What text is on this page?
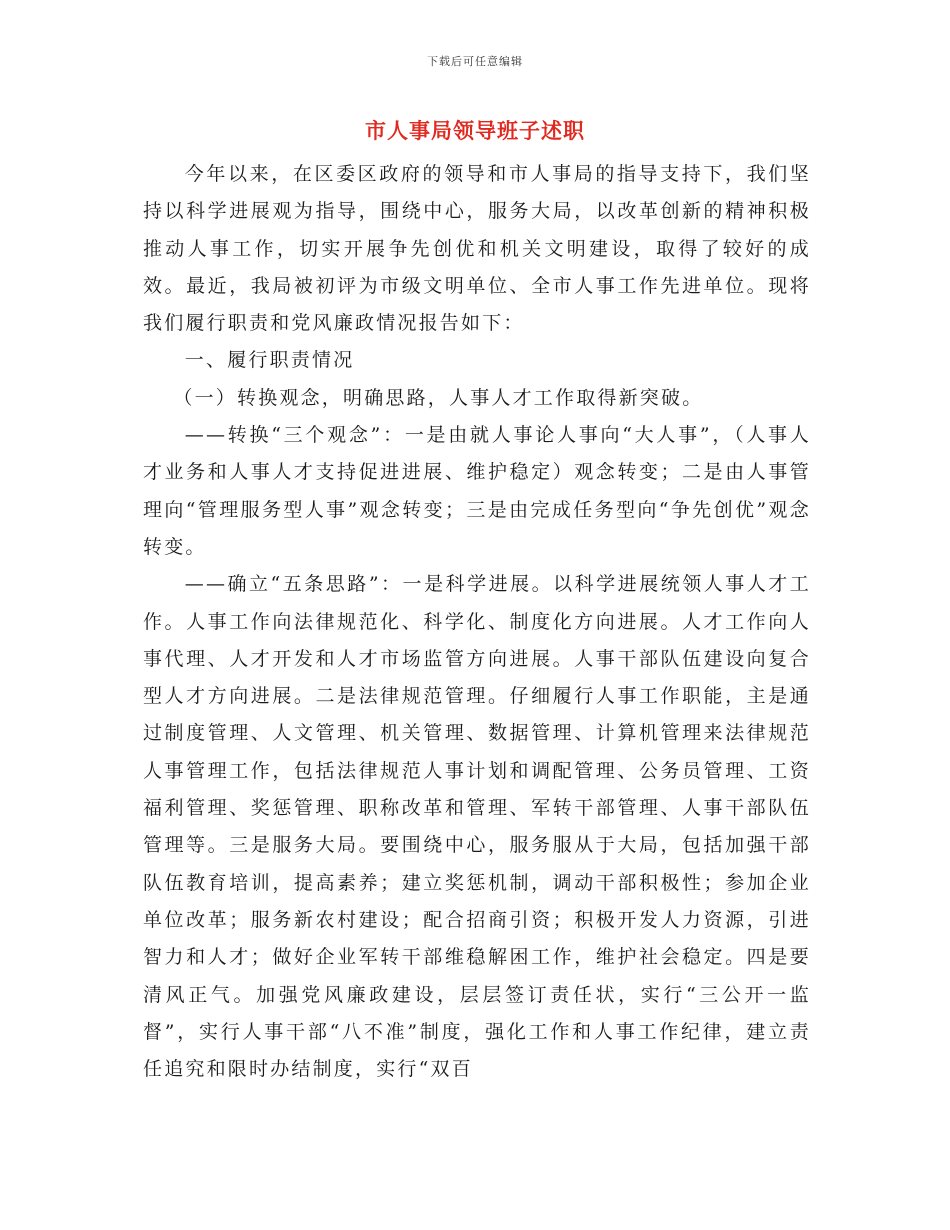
下载后可任意编辑
市人事局领导班子述职

今年以来，在区委区政府的领导和市人事局的指导支持下，我们坚持以科学进展观为指导，围绕中心，服务大局，以改革创新的精神积极推动人事工作，切实开展争先创优和机关文明建设，取得了较好的成效。最近，我局被初评为市级文明单位、全市人事工作先进单位。现将我们履行职责和党风廉政情况报告如下：

一、履行职责情况

（一）转换观念，明确思路，人事人才工作取得新突破。

——转换“三个观念”：一是由就人事论人事向“大人事”，（人事人才业务和人事人才支持促进进展、维护稳定）观念转变；二是由人事管理向“管理服务型人事”观念转变；三是由完成任务型向“争先创优”观念转变。

——确立“五条思路”：一是科学进展。以科学进展统领人事人才工作。人事工作向法律规范化、科学化、制度化方向进展。人才工作向人事代理、人才开发和人才市场监管方向进展。人事干部队伍建设向复合型人才方向进展。二是法律规范管理。仔细履行人事工作职能，主是通过制度管理、人文管理、机关管理、数据管理、计算机管理来法律规范人事管理工作，包括法律规范人事计划和调配管理、公务员管理、工资福利管理、奖惩管理、职称改革和管理、军转干部管理、人事干部队伍管理等。三是服务大局。要围绕中心，服务服从于大局，包括加强干部队伍教育培训，提高素养；建立奖惩机制，调动干部积极性；参加企业单位改革；服务新农村建设；配合招商引资；积极开发人力资源，引进智力和人才；做好企业军转干部维稳解困工作，维护社会稳定。四是要清风正气。加强党风廉政建设，层层签订责任状，实行“三公开一监督”，实行人事干部“八不准”制度，强化工作和人事工作纪律，建立责任追究和限时办结制度，实行“双百
